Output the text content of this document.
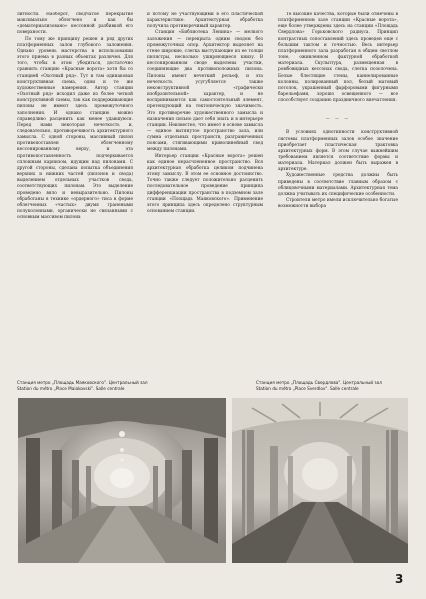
литности. Наоборот, сводчатое перекрытие максимально облегчено и как бы «дематериализовано» кессонной разбивкой его поверхности.

По тому же принципу решен и ряд других платформенных залов глубокого заложения. Однако уровень мастерства в использовании этого приема в разных объектах различен. Для того, чтобы в этом убедиться, достаточно сравнить станцию «Красные ворота» хотя бы со станцией «Охотный ряд». Тут и там одинаковая конструктивная схема, одни и те же художественные намерения. Автор станции «Охотный ряд» исходил даже из более четкой конструктивной схемы, так как поддерживающие пилоны не имеют здесь промежуточного заполнения. И однако станцию можно справедливо расценить как менее удавшуюся. Перед нами некоторая нечеткость и, следовательно, противоречивость архитектурного замысла. С одной стороны, массивный пилон противопоставлен облегченному кессонированному верху, и эта противопоставленность подчеркивается сплошным карнизом, идущим над пилонами. С другой стороны, сделана попытка объединения верхних и нижних частей (пилонов и свода) выделением отдельных участков свода, соответствующих пилонам. Это выделение проведено вяло и невыразительно. Пилоны обработаны в технике «ордерного» тиса в форме облегченных «частых» двумя гранеными полуколоннами, органически не связанными с основным массивом пилона

и потому не участвующими в его пластической характеристике. Архитектурная обработка получила противоречивый характер.

Станция «Библиотека Ленина» — мелкого заложения — перекрыта одним сводом без промежуточных опор. Архитектор выделяет на стене широкие, слегка выступающие из ее толщи пилястры, несколько уширяющиеся книзу. В кессонированном своде выделены участки, соединяющие два противоположных пилона. Пилоны имеют нечеткий рельеф, и эта нечеткость усугубляется также неконструктивной «графически изобразительной» характер, и не воспринимаются как самостоятельный элемент, претендующий на тектоническую значимость. Это противоречие художественного замысла и назначения сильно дает себя знать и в интерьере станции. Неизвестно, что имеет в основе замысла — единое вытянутое пространство зала, или сумма отдельных пространств, разграниченных поясами, стягивающими криволинейный свод между пилонами.

Интерьер станции «Красные ворота» решен как единое нерасчлененное пространство. Вся архитектурная обработка целиком подчинена этому замыслу. В этом ее основное достоинство. Точно также следует положительно расценить последовательное проведение принципа дифференциации пространства в подземном зале станции «Площадь Маяковского». Применение этого принципа здесь определено структурным основанием станции.

Те высокие качества, которые были отмечены в платформенном зале станции «Красные ворота», еще более утверждены здесь на станции «Площадь Свердлова» Горьковского радиуса. Принцип контрастных сопоставлений здесь проведен еще с большим тактом и точностью. Весь интерьер платформенного зала разработан в общем светлом тоне, оживленном фактурной обработкой материала. Скульптура, размещенная в ромбовидных кессонах свода, слегка позолочена. Белые блестящие стены, каннелированные колонны, полированный пол, белый матовый потолок, украшенный фарфоровыми фигурными барельефами, хорошо освещенного — все способствует созданию праздничного впечатления.

— — —

В условиях однотипности конструктивной системы платформенных залов особое значение приобретает пластическая трактовка архитектурных форм. В этом случае важнейшим требованием является соответствие формы и материала. Материал должен быть выражен в архитектуре.

Художественные средства должны быть приведены в соответствие главным образом с облицовочными материалами. Архитектурная тема должна учитывать их специфические особенности.

Строители метро имели исключительно богатые возможности выбора

Станция метро „Площадь Маяковского". Центральный зал
Station du métro „Place Maiakovski". Salle centrale
Станция метро „Площадь Свердлова". Центральный зал
Station du métro „Place Sverdlov". Salle centrale
3
